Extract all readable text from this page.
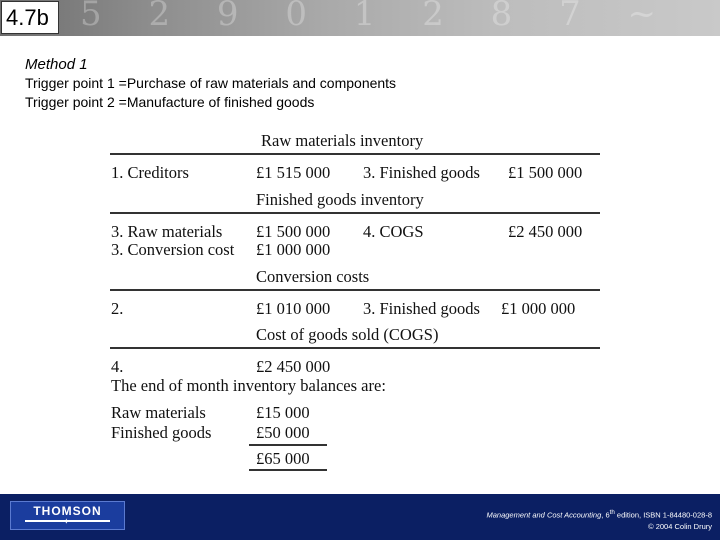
5 2 9 0 1 2 8 7 ~
4.7b
Method 1
Trigger point 1 =Purchase of raw materials and components
Trigger point 2 =Manufacture of finished goods
Raw materials inventory
1. Creditors	£1 515 000 3. Finished goods £1 500 000
Finished goods inventory
3. Raw materials £1 500 000 4. COGS	£2 450 000
3. Conversion cost £1 000 000
Conversion costs
2.	£1 010 000 3. Finished goods £1 000 000
Cost of goods sold (COGS)
4.	£2 450 000
The end of month inventory balances are:
Raw materials	£15 000
Finished goods	£50 000
£65 000
THOMSON
✦
Management and Cost Accounting, 6th edition, ISBN 1-84480-028-8
© 2004 Colin Drury
